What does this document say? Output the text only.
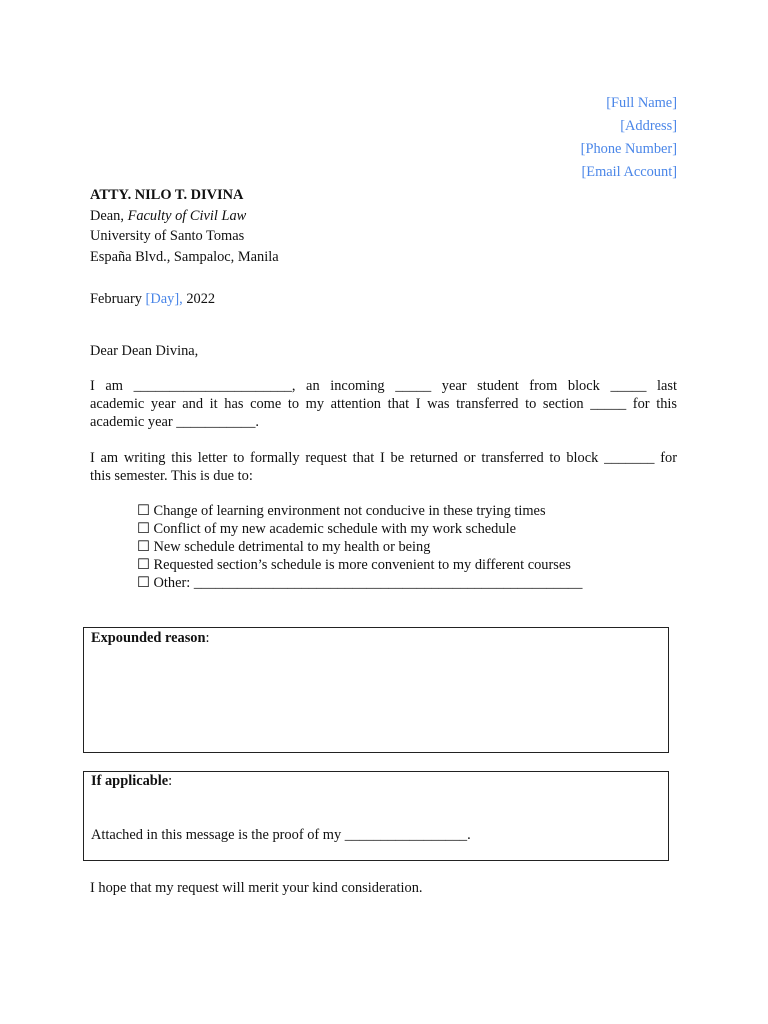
[Full Name]
[Address]
[Phone Number]
[Email Account]
ATTY. NILO T. DIVINA
Dean, Faculty of Civil Law
University of Santo Tomas
España Blvd., Sampaloc, Manila
February [Day], 2022
Dear Dean Divina,
I am ______________________, an incoming _____ year student from block _____ last
academic year and it has come to my attention that I was transferred to section _____ for this
academic year ___________.
I am writing this letter to formally request that I be returned or transferred to block _______ for
this semester. This is due to:
☐ Change of learning environment not conducive in these trying times
☐ Conflict of my new academic schedule with my work schedule
☐ New schedule detrimental to my health or being
☐ Requested section’s schedule is more convenient to my different courses
☐ Other: ______________________________________________________
Expounded reason:
If applicable:
Attached in this message is the proof of my _________________.
I hope that my request will merit your kind consideration.
